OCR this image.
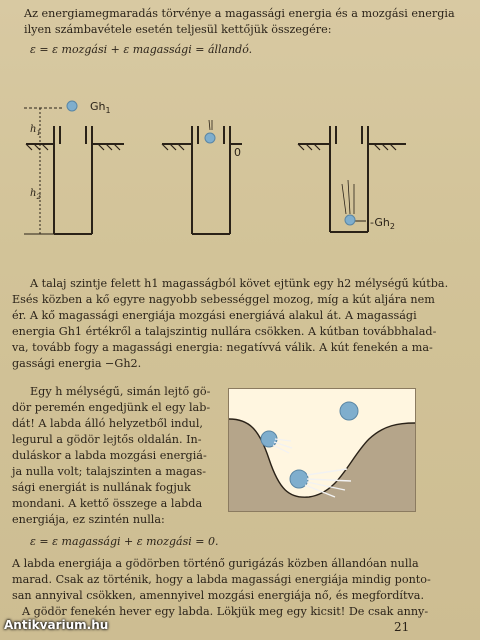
Az energiamegmaradás törvénye a magassági energia és a mozgási energia
ilyen számbavétele esetén teljesül kettőjük összegére:
ε = ε mozgási + ε magassági = állandó.
$Gh_1$
$h_1$
$h_2$
0
$-Gh_2$
A talaj szintje felett h1 magasságból követ ejtünk egy h2 mélységű kútba.
Esés közben a kő egyre nagyobb sebességgel mozog, míg a kút aljára nem
ér. A kő magassági energiája mozgási energiává alakul át. A magassági
energia Gh1 értékről a talajszintig nullára csökken. A kútban továbbhalad-
va, tovább fogy a magassági energia: negatívvá válik. A kút fenekén a ma-
gassági energia −Gh2.
Egy h mélységű, simán lejtő gö-
dör peremén engedjünk el egy lab-
dát! A labda álló helyzetből indul,
legurul a gödör lejtős oldalán. In-
duláskor a labda mozgási energiá-
ja nulla volt; talajszinten a magas-
sági energiát is nullának fogjuk
mondani. A kettő összege a labda
energiája, ez szintén nulla:
ε = ε magassági + ε mozgási = 0.
A labda energiája a gödörben történő gurigázás közben állandóan nulla
marad. Csak az történik, hogy a labda magassági energiája mindig ponto-
san annyival csökken, amennyivel mozgási energiája nő, és megfordítva.
A gödör fenekén hever egy labda. Lökjük meg egy kicsit! De csak anny-
Antikvarium.hu	21
